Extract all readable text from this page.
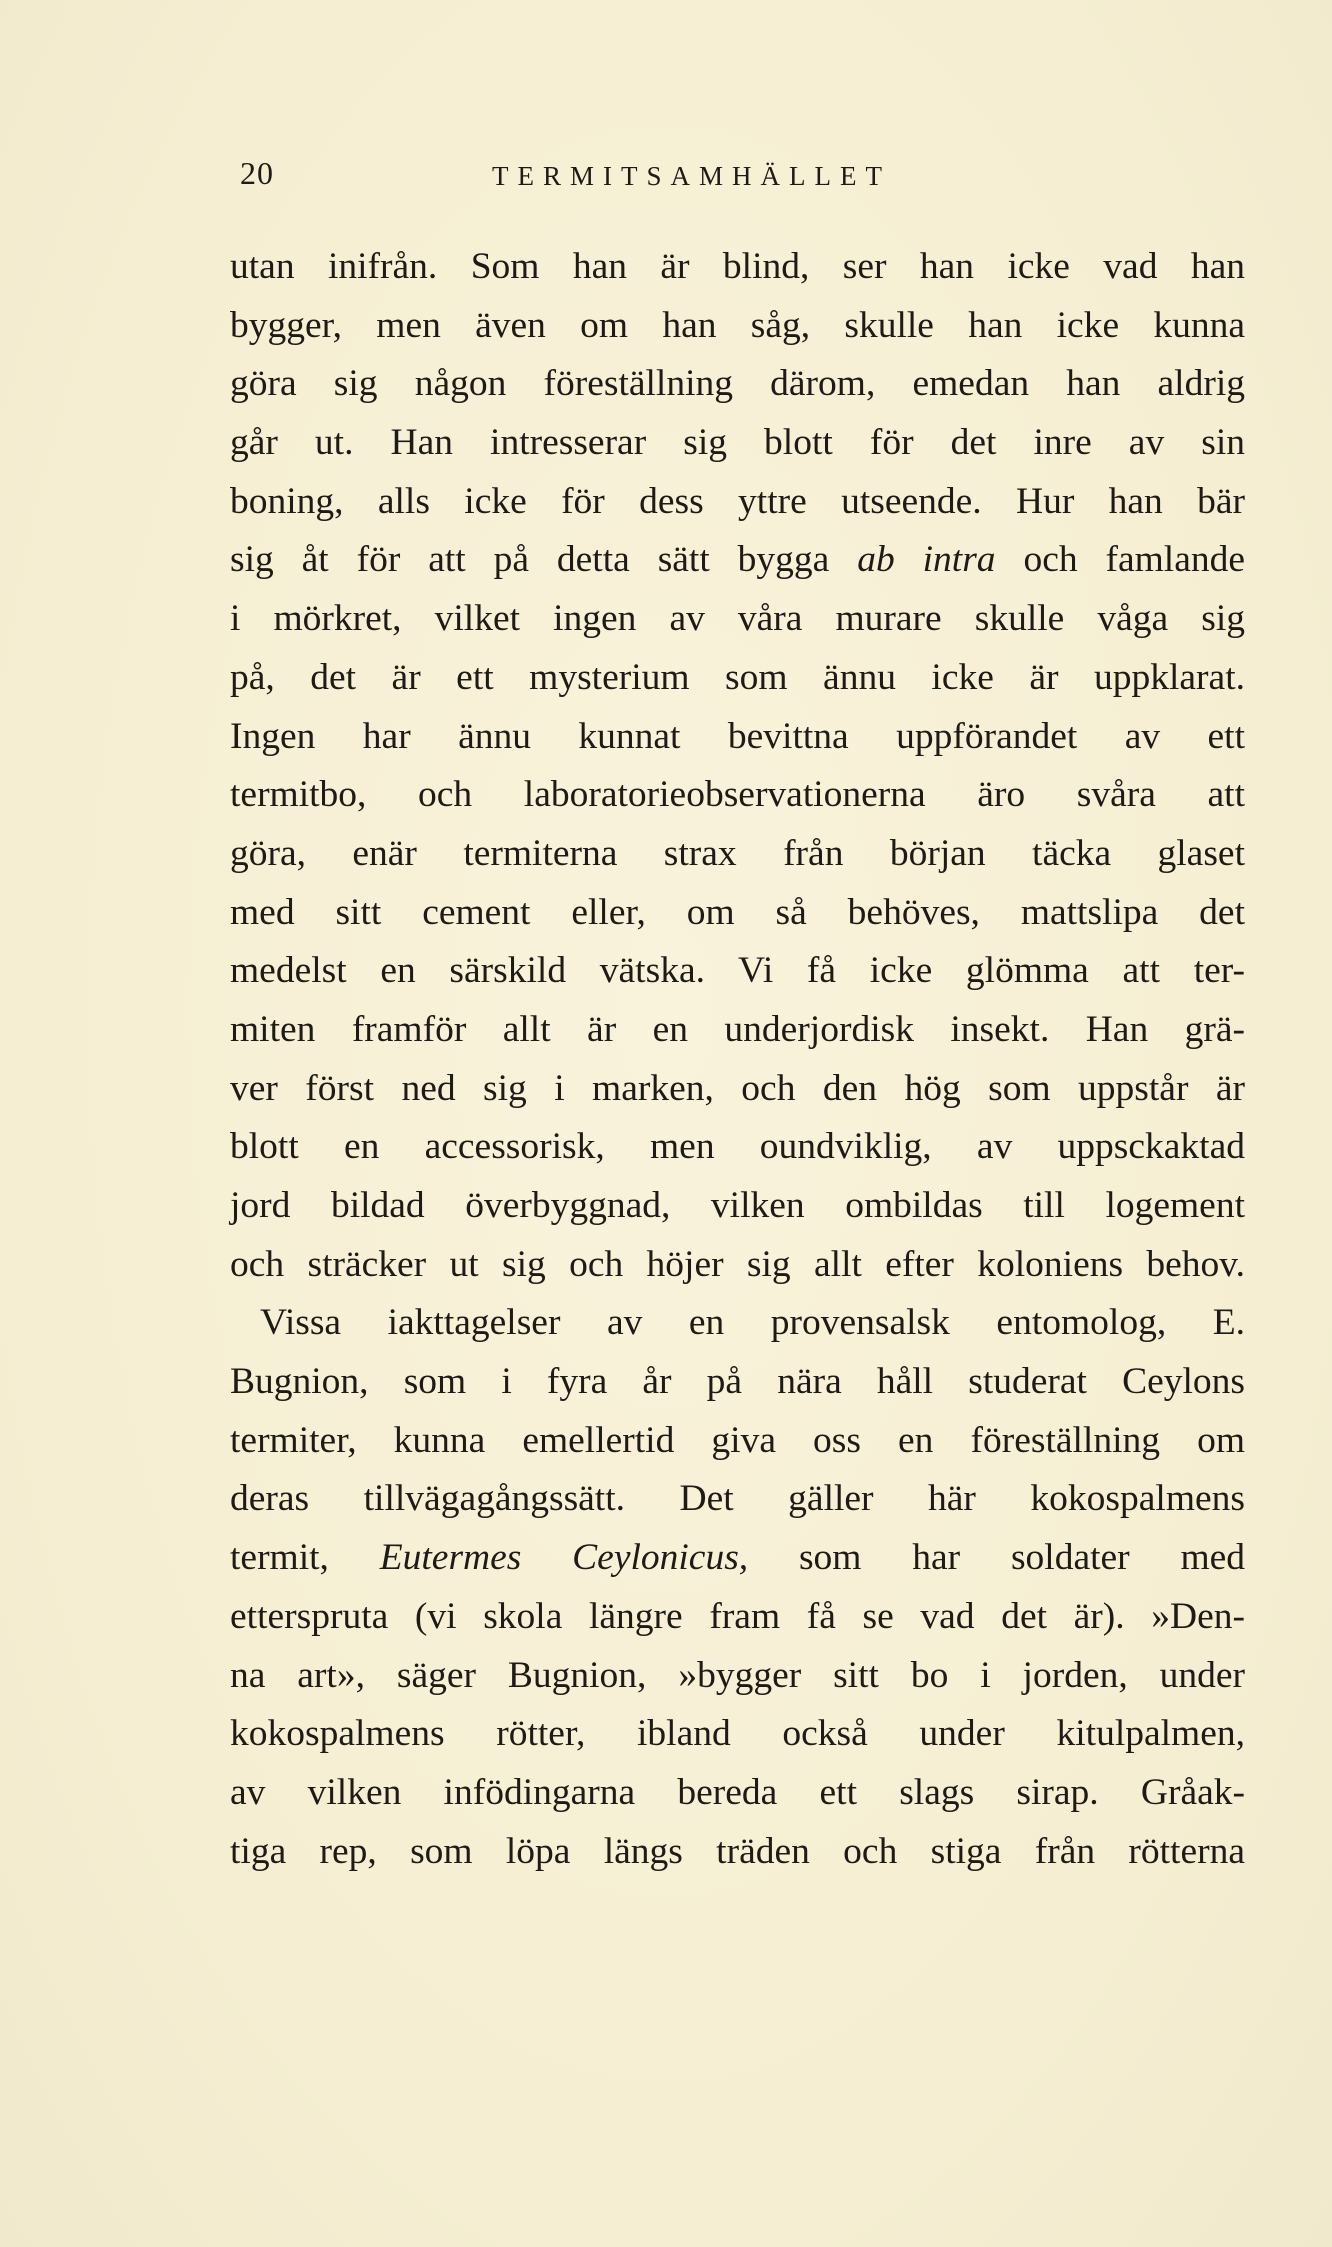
20	TERMITSAMHÄLLET
utan inifrån. Som han är blind, ser han icke vad han
bygger, men även om han såg, skulle han icke kunna
göra sig någon föreställning därom, emedan han aldrig
går ut. Han intresserar sig blott för det inre av sin
boning, alls icke för dess yttre utseende. Hur han bär
sig åt för att på detta sätt bygga ab intra och famlande
i mörkret, vilket ingen av våra murare skulle våga sig
på, det är ett mysterium som ännu icke är uppklarat.
Ingen har ännu kunnat bevittna uppförandet av ett
termitbo, och laboratorieobservationerna äro svåra att
göra, enär termiterna strax från början täcka glaset
med sitt cement eller, om så behöves, mattslipa det
medelst en särskild vätska. Vi få icke glömma att ter-
miten framför allt är en underjordisk insekt. Han grä-
ver först ned sig i marken, och den hög som uppstår är
blott en accessorisk, men oundviklig, av uppsckaktad
jord bildad överbyggnad, vilken ombildas till logement
och sträcker ut sig och höjer sig allt efter koloniens behov.
Vissa iakttagelser av en provensalsk entomolog, E.
Bugnion, som i fyra år på nära håll studerat Ceylons
termiter, kunna emellertid giva oss en föreställning om
deras tillvägagångssätt. Det gäller här kokospalmens
termit, Eutermes Ceylonicus, som har soldater med
ettersprutа (vi skola längre fram få se vad det är). »Den-
na art», säger Bugnion, »bygger sitt bo i jorden, under
kokospalmens rötter, ibland också under kitulpalmen,
av vilken infödingarna bereda ett slags sirap. Gråak-
tiga rep, som löpa längs träden och stiga från rötterna
